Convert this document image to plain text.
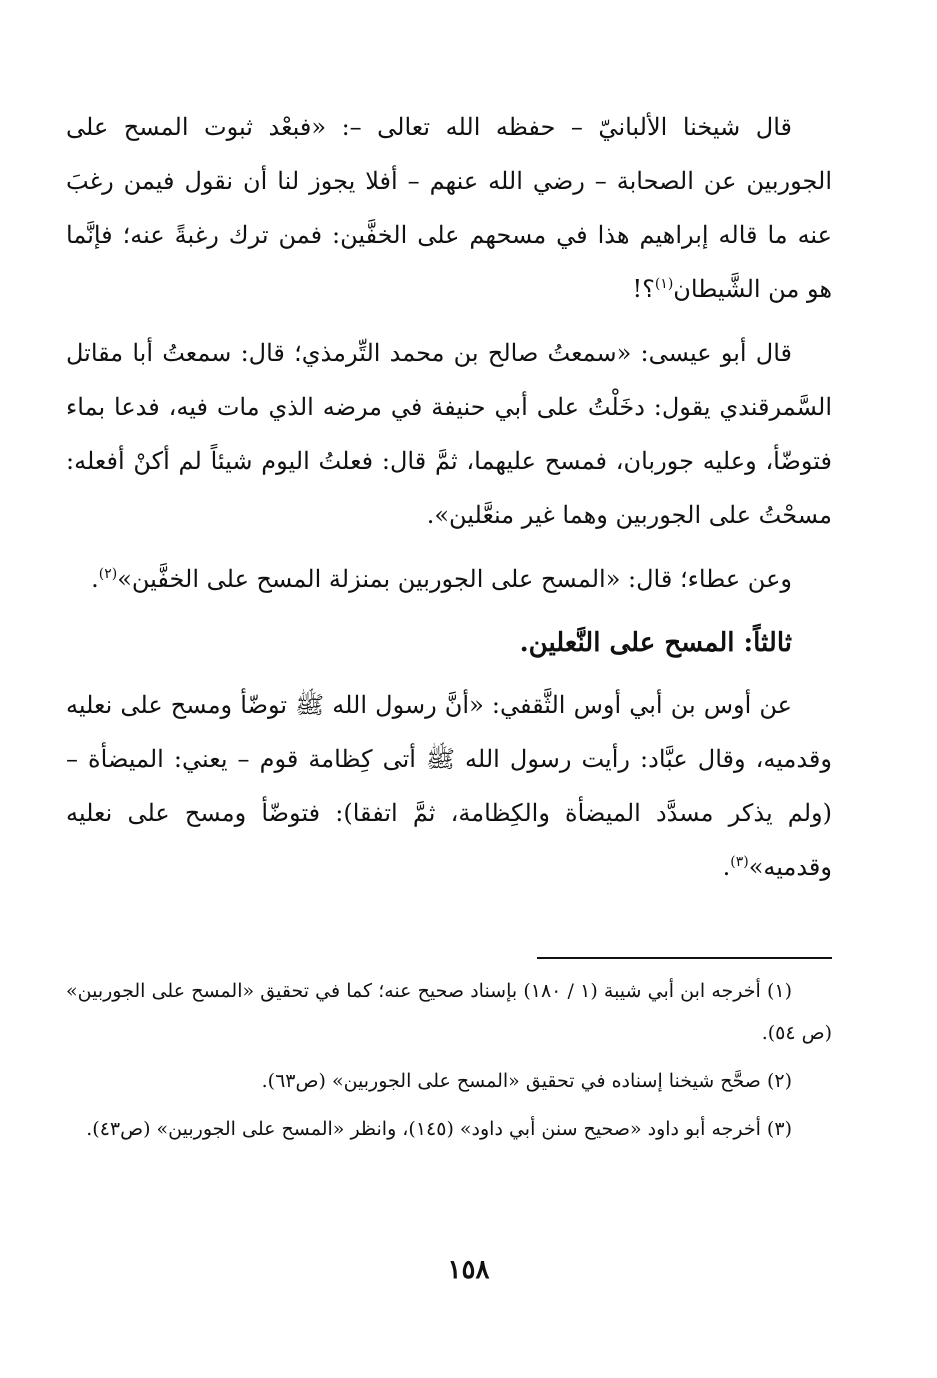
قال شيخنا الألبانيّ – حفظه الله تعالى –: «فبعْد ثبوت المسح على الجوربين عن الصحابة – رضي الله عنهم – أفلا يجوز لنا أن نقول فيمن رغبَ عنه ما قاله إبراهيم هذا في مسحهم على الخفَّين: فمن ترك رغبةً عنه؛ فإنَّما هو من الشَّيطان$^{(١)}$؟!

قال أبو عيسى: «سمعتُ صالح بن محمد التِّرمذي؛ قال: سمعتُ أبا مقاتل السَّمرقندي يقول: دخَلْتُ على أبي حنيفة في مرضه الذي مات فيه، فدعا بماء فتوضّأ، وعليه جوربان، فمسح عليهما، ثمَّ قال: فعلتُ اليوم شيئاً لم أكنْ أفعله: مسحْتُ على الجوربين وهما غير منعَّلين».

وعن عطاء؛ قال: «المسح على الجوربين بمنزلة المسح على الخفَّين»$^{(٢)}$.

ثالثاً: المسح على النَّعلين.

عن أوس بن أبي أوس الثَّقفي: «أنَّ رسول الله ﷺ توضّأ ومسح على نعليه وقدميه، وقال عبَّاد: رأيت رسول الله ﷺ أتى كِظامة قوم – يعني: الميضأة – (ولم يذكر مسدَّد الميضأة والكِظامة، ثمَّ اتفقا): فتوضّأ ومسح على نعليه وقدميه»$^{(٣)}$.

(١) أخرجه ابن أبي شيبة (١ / ١٨٠) بإسناد صحيح عنه؛ كما في تحقيق «المسح على الجوربين» (ص ٥٤).

(٢) صحَّح شيخنا إسناده في تحقيق «المسح على الجوربين» (ص٦٣).

(٣) أخرجه أبو داود «صحيح سنن أبي داود» (١٤٥)، وانظر «المسح على الجوربين» (ص٤٣).

١٥٨
